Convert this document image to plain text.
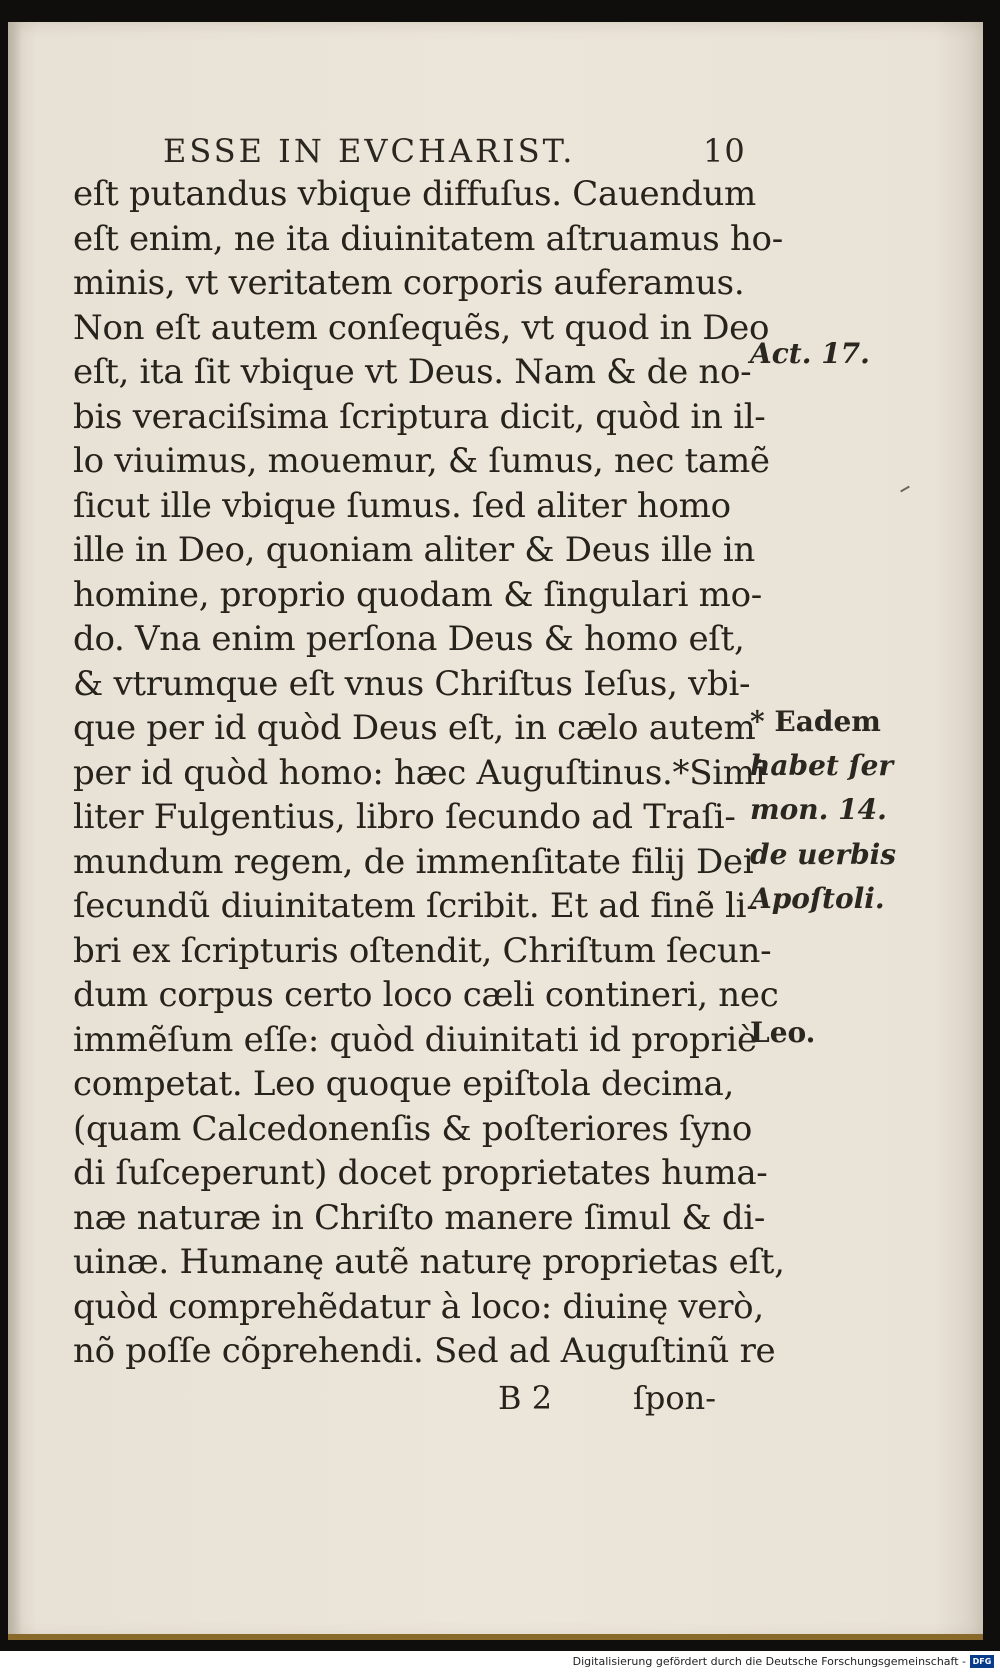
ESSE IN EVCHARIST.	10
eſt putandus vbique diffuſus. Cauendum
eſt enim, ne ita diuinitatem aſtruamus ho-
minis, vt veritatem corporis auferamus.
Non eſt autem conſequẽs, vt quod in Deo
eſt, ita ſit vbique vt Deus. Nam & de no-
bis veraciſsima ſcriptura dicit, quòd in il-
lo viuimus, mouemur, & ſumus, nec tamẽ
ſicut ille vbique ſumus. ſed aliter homo
ille in Deo, quoniam aliter & Deus ille in
homine, proprio quodam & ſingulari mo-
do. Vna enim perſona Deus & homo eſt,
& vtrumque eſt vnus Chriſtus Ieſus, vbi-
que per id quòd Deus eſt, in cælo autem
per id quòd homo: hæc Auguſtinus.*Simi
liter Fulgentius, libro ſecundo ad Traſi-
mundum regem, de immenſitate filij Dei
ſecundũ diuinitatem ſcribit. Et ad finẽ li-
bri ex ſcripturis oſtendit, Chriſtum ſecun-
dum corpus certo loco cæli contineri, nec
immẽſum eſſe: quòd diuinitati id propriè
competat. Leo quoque epiſtola decima,
(quam Calcedonenſis & poſteriores ſyno
di ſuſceperunt) docet proprietates huma-
næ naturæ in Chriſto manere ſimul & di-
uinæ. Humanę autẽ naturę proprietas eſt,
quòd comprehẽdatur à loco: diuinę verò,
nõ poſſe cõprehendi. Sed ad Auguſtinũ re
B 2	ſpon-
Act. 17.
* Eadem
habet ſer
mon. 14.
de uerbis
Apoſtoli.
Leo.
Digitalisierung gefördert durch die Deutsche Forschungsgemeinschaft - DFG
